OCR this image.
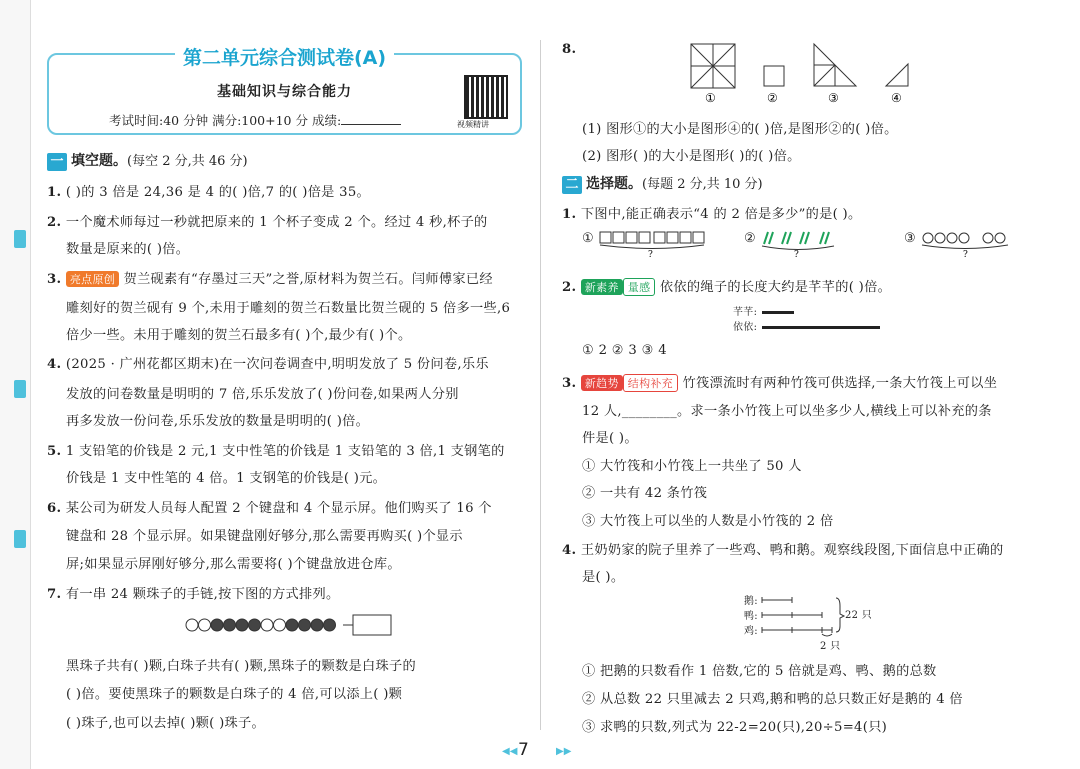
第二单元综合测试卷(A)
基础知识与综合能力
考试时间:40 分钟 满分:100+10 分 成绩:	视频精讲
一 填空题。(每空 2 分,共 46 分)
1. ( )的 3 倍是 24,36 是 4 的( )倍,7 的( )倍是 35。
2. 一个魔术师每过一秒就把原来的 1 个杯子变成 2 个。经过 4 秒,杯子的
数量是原来的( )倍。
3. 亮点原创 贺兰砚素有“存墨过三天”之誉,原材料为贺兰石。闫师傅家已经
雕刻好的贺兰砚有 9 个,未用于雕刻的贺兰石数量比贺兰砚的 5 倍多一些,6
倍少一些。未用于雕刻的贺兰石最多有( )个,最少有( )个。
4. (2025 · 广州花都区期末)在一次问卷调查中,明明发放了 5 份问卷,乐乐
发放的问卷数量是明明的 7 倍,乐乐发放了( )份问卷,如果两人分别
再多发放一份问卷,乐乐发放的数量是明明的( )倍。
5. 1 支铅笔的价钱是 2 元,1 支中性笔的价钱是 1 支铅笔的 3 倍,1 支钢笔的
价钱是 1 支中性笔的 4 倍。1 支钢笔的价钱是( )元。
6. 某公司为研发人员每人配置 2 个键盘和 4 个显示屏。他们购买了 16 个
键盘和 28 个显示屏。如果键盘刚好够分,那么需要再购买( )个显示
屏;如果显示屏刚好够分,那么需要将( )个键盘放进仓库。
7. 有一串 24 颗珠子的手链,按下图的方式排列。
黑珠子共有( )颗,白珠子共有( )颗,黑珠子的颗数是白珠子的
( )倍。要使黑珠子的颗数是白珠子的 4 倍,可以添上( )颗
( )珠子,也可以去掉( )颗( )珠子。
8.
①	②	③	④
(1) 图形①的大小是图形④的( )倍,是图形②的( )倍。
(2) 图形( )的大小是图形( )的( )倍。
二 选择题。(每题 2 分,共 10 分)
1. 下图中,能正确表示“4 的 2 倍是多少”的是( )。
2. 新素养 量感 依依的绳子的长度大约是芊芊的( )倍。
① 2 ② 3 ③ 4
3. 新趋势 结构补充 竹筏漂流时有两种竹筏可供选择,一条大竹筏上可以坐
12 人,________。求一条小竹筏上可以坐多少人,横线上可以补充的条
件是( )。
① 大竹筏和小竹筏上一共坐了 50 人
② 一共有 42 条竹筏
③ 大竹筏上可以坐的人数是小竹筏的 2 倍
4. 王奶奶家的院子里养了一些鸡、鸭和鹅。观察线段图,下面信息中正确的
是( )。
① 把鹅的只数看作 1 倍数,它的 5 倍就是鸡、鸭、鹅的总数
② 从总数 22 只里减去 2 只鸡,鹅和鸭的总只数正好是鹅的 4 倍
③ 求鸭的只数,列式为 22-2=20(只),20÷5=4(只)
①
?
②
?
③
?
芊芊:
依依:
鹅:
鸭:
鸡:
22 只
2 只
◀◀ 7	▶▶
